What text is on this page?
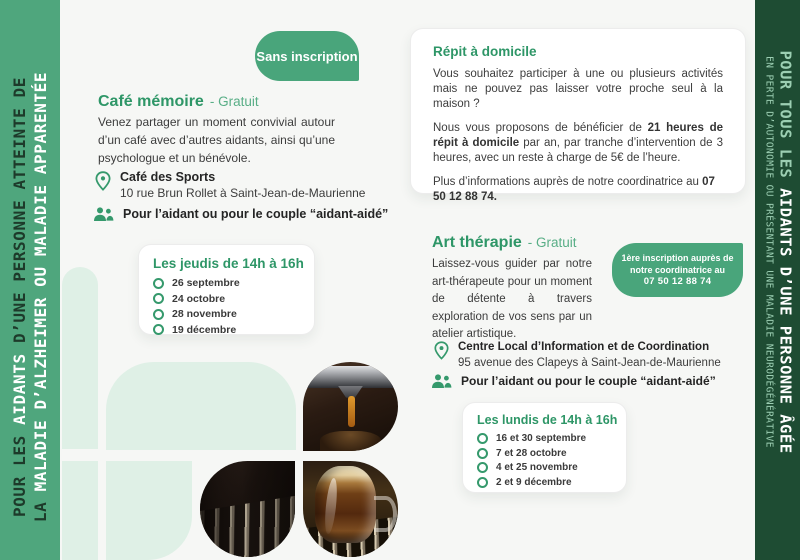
POUR LES AIDANTS D’UNE PERSONNE ATTEINTE DE
LA MALADIE D’ALZHEIMER OU MALADIE APPARENTÉE	POUR TOUS LES AIDANTS D’UNE PERSONNE ÂGÉE
EN PERTE D’AUTONOMIE OU PRÉSENTANT UNE MALADIE NEURODÉGÉNÉRATIVE
Sans inscription
Café mémoire - Gratuit
Venez partager un moment convivial autour d’un café avec d’autres aidants, ainsi qu’une psychologue et un bénévole.
Café des Sports
10 rue Brun Rollet à Saint-Jean-de-Maurienne
Pour l’aidant ou pour le couple “aidant-aidé”
Les jeudis de 14h à 16h
26 septembre
24 octobre
28 novembre
19 décembre
Répit à domicile

Vous souhaitez participer à une ou plusieurs activités mais ne pouvez pas laisser votre proche seul à la maison ?

Nous vous proposons de bénéficier de 21 heures de répit à domicile par an, par tranche d’intervention de 3 heures, avec un reste à charge de 5€ de l’heure.

Plus d’informations auprès de notre coordinatrice au 07 50 12 88 74.

Art thérapie - Gratuit
Laissez-vous guider par notre art-thérapeute pour un moment de détente à travers exploration de vos sens par un atelier artistique.
1ère inscription auprès de
notre coordinatrice au
07 50 12 88 74
Centre Local d’Information et de Coordination
95 avenue des Clapeys à Saint-Jean-de-Maurienne
Pour l’aidant ou pour le couple “aidant-aidé”
Les lundis de 14h à 16h
16 et 30 septembre
7 et 28 octobre
4 et 25 novembre
2 et 9 décembre
